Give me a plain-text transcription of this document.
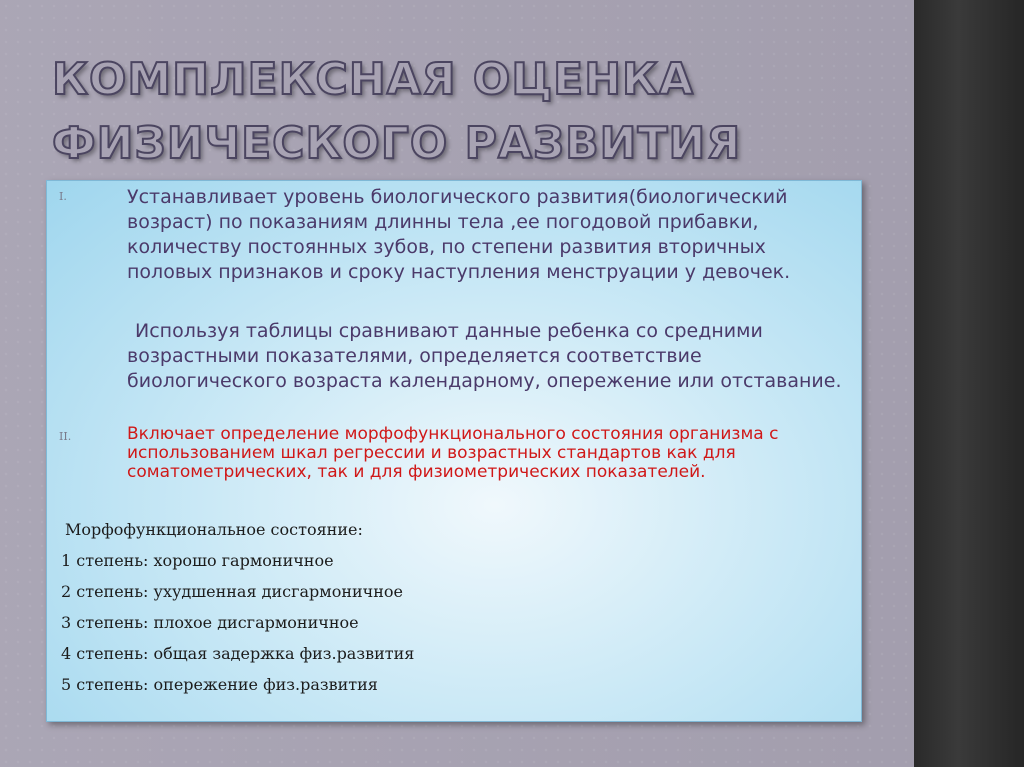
КОМПЛЕКСНАЯ ОЦЕНКА
ФИЗИЧЕСКОГО РАЗВИТИЯ
I.	Устанавливает уровень биологического развития(биологический возраст) по показаниям длинны тела ,ее погодовой прибавки, количеству постоянных зубов, по степени развития вторичных половых признаков и сроку наступления менструации у девочек.

Используя таблицы сравнивают данные ребенка со средними возрастными показателями, определяется соответствие биологического возраста календарному, опережение или отставание.

II.	Включает определение морфофункционального состояния организма с использованием шкал регрессии и возрастных стандартов как для соматометрических, так и для физиометрических показателей.

Морфофункциональное состояние:
1 степень: хорошо гармоничное
2 степень: ухудшенная дисгармоничное
3 степень: плохое дисгармоничное
4 степень: общая задержка физ.развития
5 степень: опережение физ.развития
